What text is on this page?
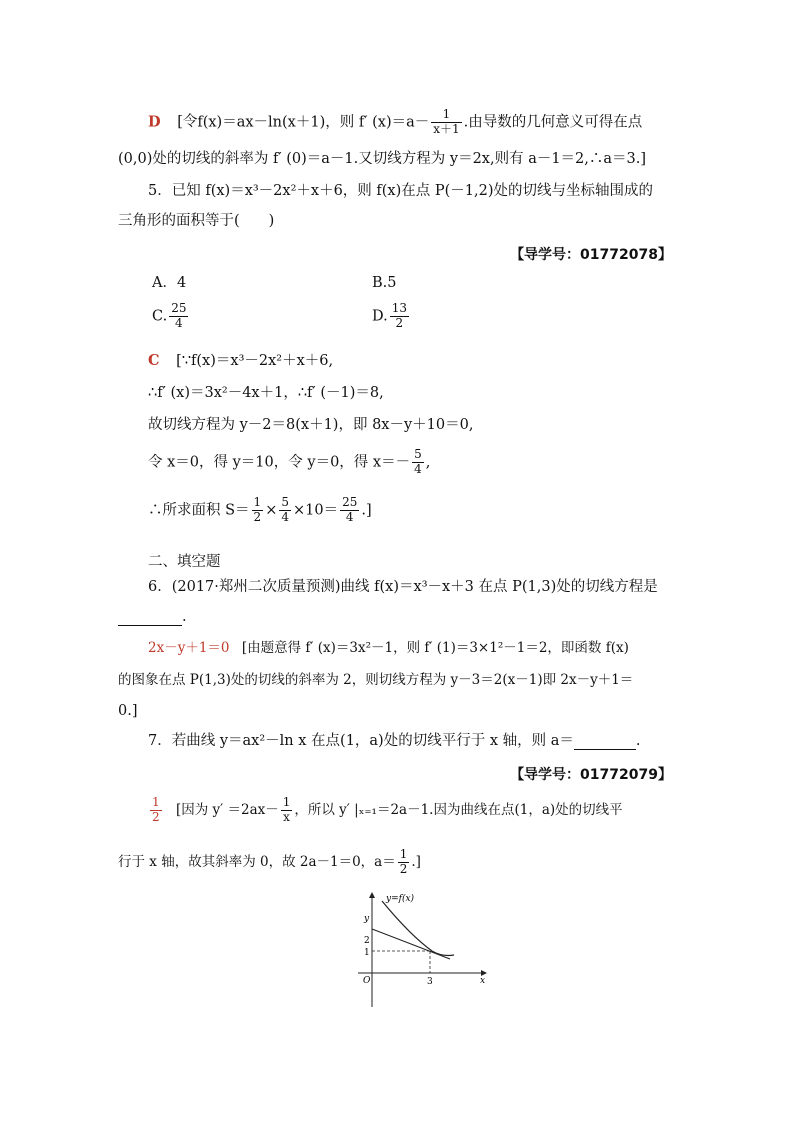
D [令f(x)＝ax－ln(x＋1)，则 f′ $(x)=a- \frac{1}{x+1}$ .由导数的几何意义可得在点
(0,0)处的切线的斜率为 f′ (0)＝a－1.又切线方程为 y＝2x,则有 a－1＝2,∴a＝3.]
5．已知 f(x)＝x³－2x²＋x＋6，则 f(x)在点 P(－1,2)处的切线与坐标轴围成的
三角形的面积等于(　　)
【导学号：01772078】
A．4	B.5
C. $\frac{25}{4}$	D. $\frac{13}{2}$
C [∵f(x)＝x³－2x²＋x＋6,
∴f′ (x)＝3x²－4x＋1，∴f′ (－1)＝8,
故切线方程为 y－2＝8(x＋1)，即 8x－y＋10＝0,
令 x＝0，得 y＝10，令 y＝0，得 $x=- \frac{5}{4}$ ,
∴所求面积 $S= \frac{1}{2} \times \frac{5}{4} \times 10= \frac{25}{4}$ .]
二、填空题
6．(2017·郑州二次质量预测)曲线 f(x)＝x³－x＋3 在点 P(1,3)处的切线方程是
.
2x－y＋1＝0 [由题意得 f′ (x)＝3x²－1，则 f′ (1)＝3×1²－1＝2，即函数 f(x)
的图象在点 P(1,3)处的切线的斜率为 2，则切线方程为 y－3＝2(x－1)即 2x－y＋1＝
0.]
7．若曲线 y＝ax²－ln x 在点(1，a)处的切线平行于 x 轴，则 a＝	.
【导学号：01772079】
$\frac{1}{2}$ [因为 $y' =2ax- \frac{1}{x}$ ，所以 y′ |ₓ₌₁＝2a－1.因为曲线在点(1，a)处的切线平
行于 x 轴，故其斜率为 0，故 2a－1＝0，$a= \frac{1}{2}$ .]
y=f(x)
y
x
O
2
1
3
